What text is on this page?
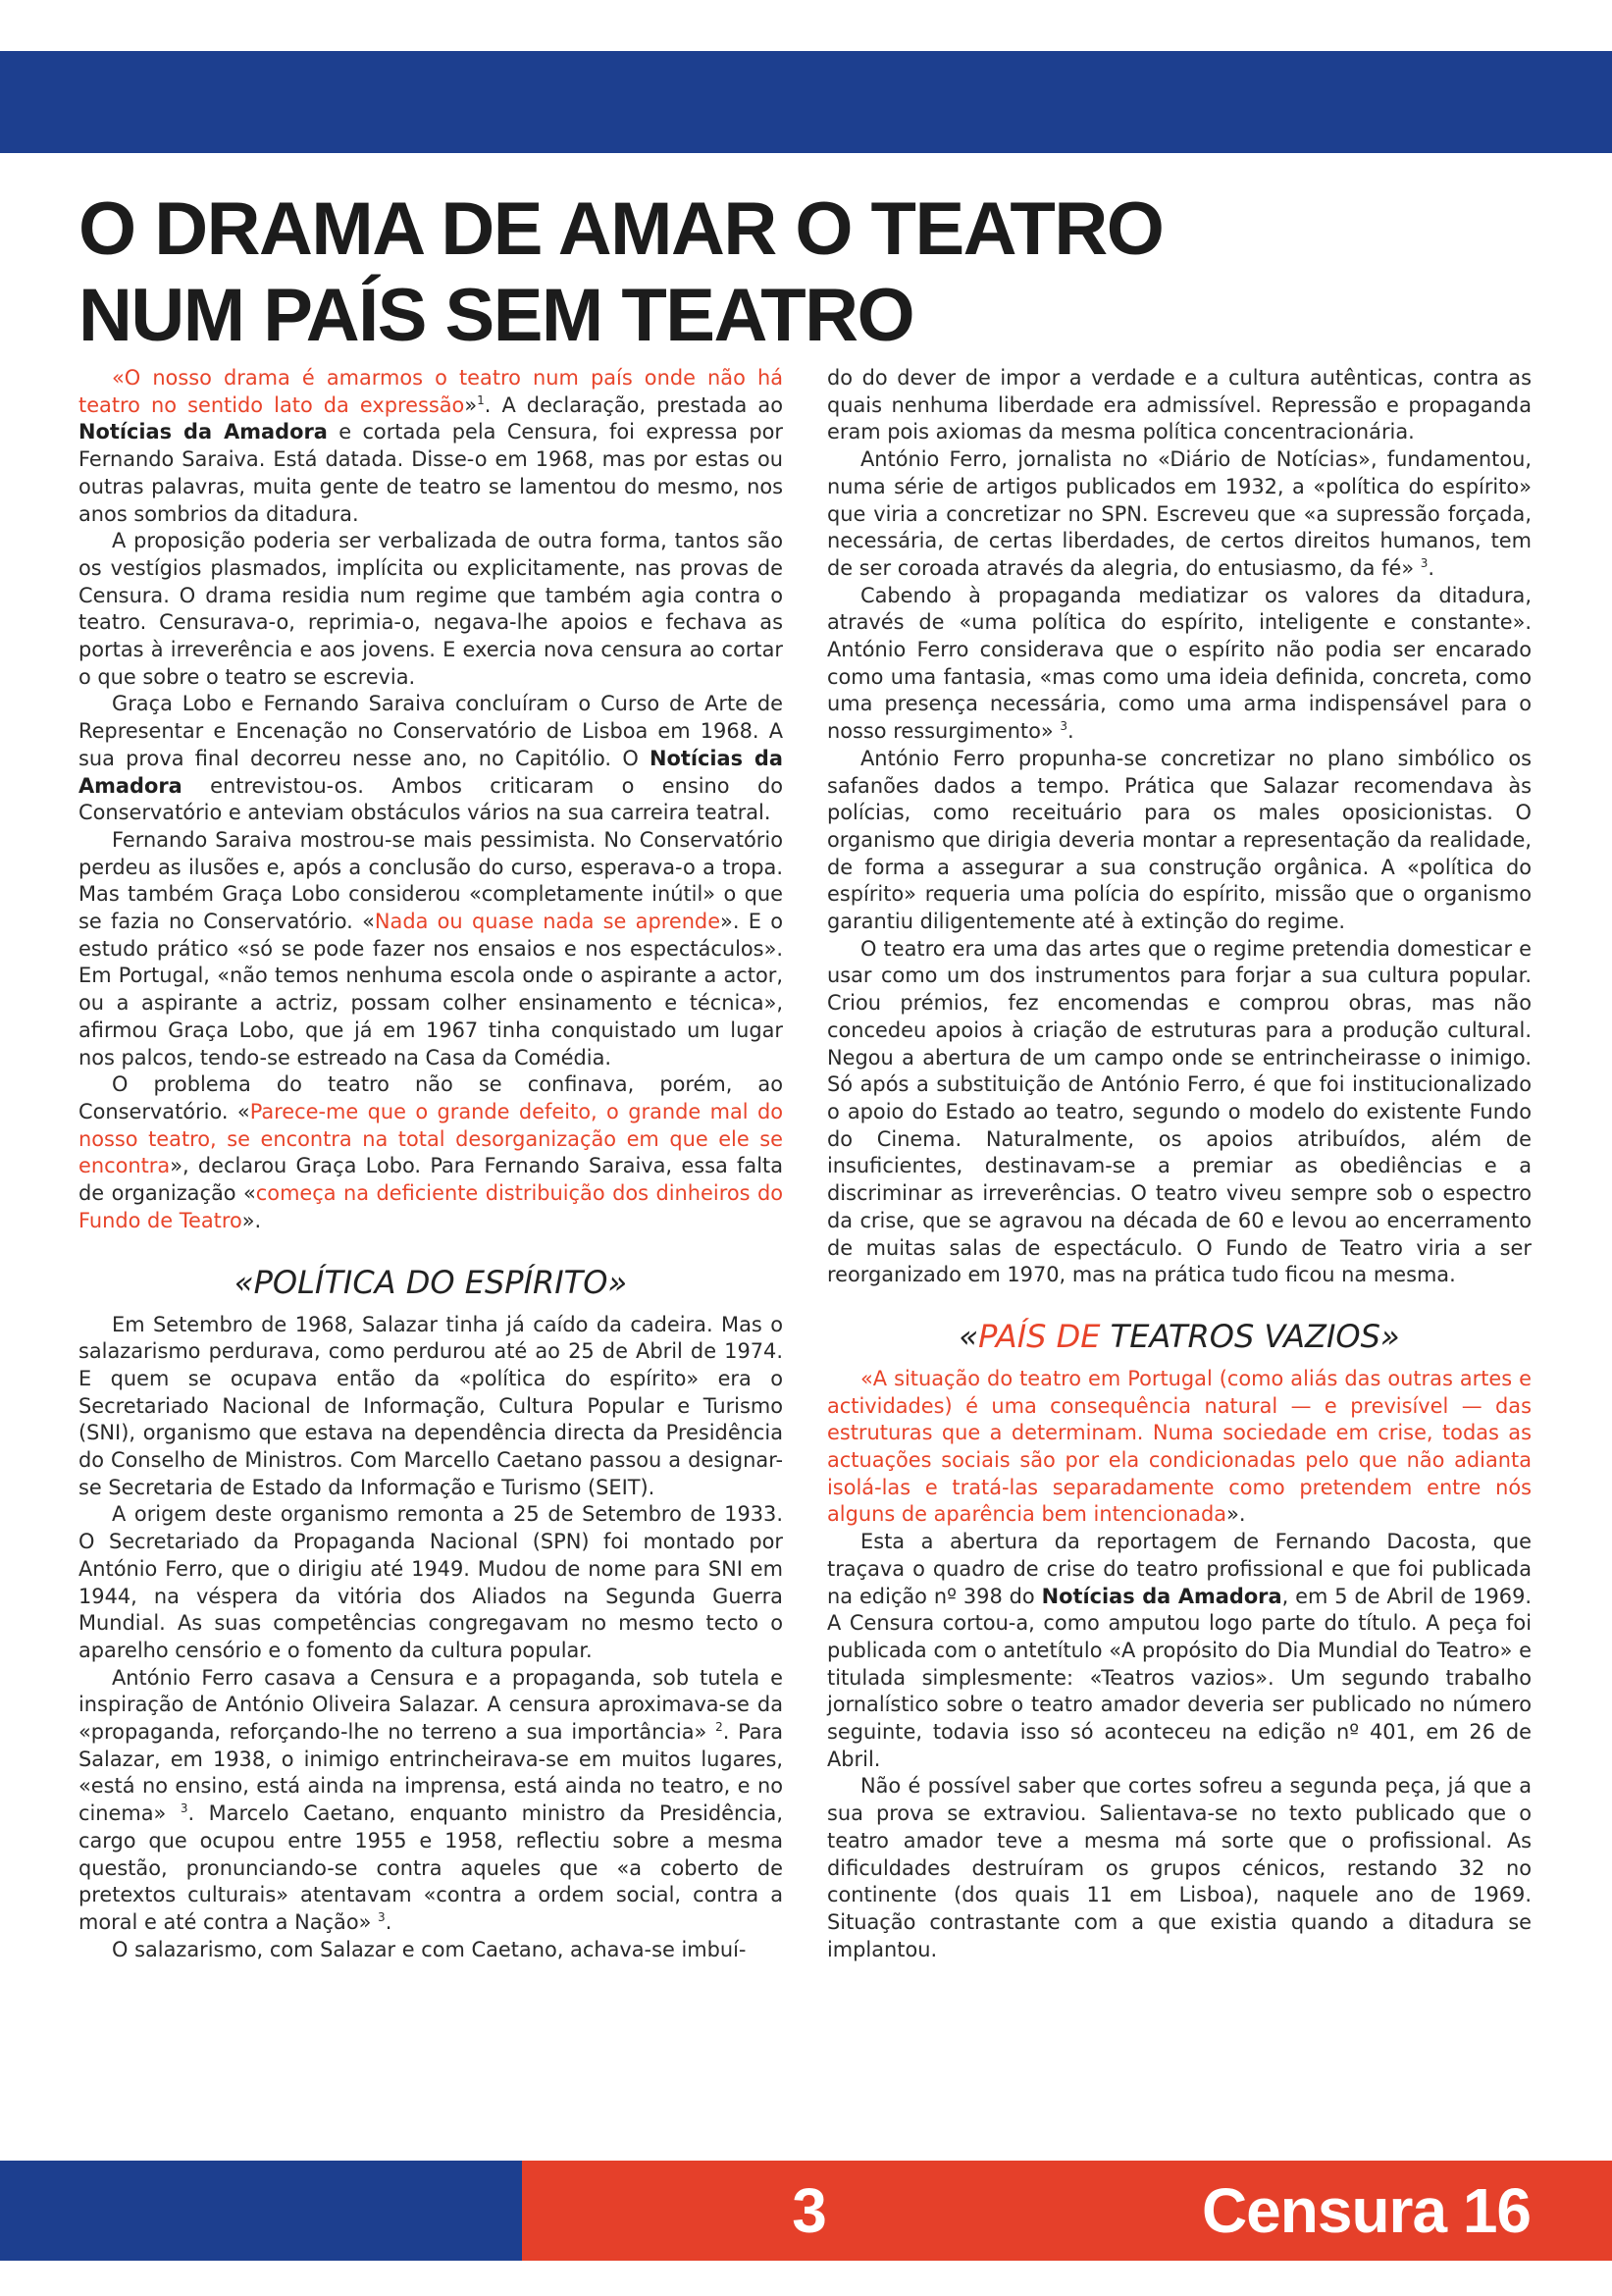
O DRAMA DE AMAR O TEATRO
NUM PAÍS SEM TEATRO

«O nosso drama é amarmos o teatro num país onde não há teatro no sentido lato da expressão»$^1$. A declaração, prestada ao Notícias da Amadora e cortada pela Censura, foi expressa por Fernando Saraiva. Está datada. Disse-o em 1968, mas por estas ou outras palavras, muita gente de teatro se lamentou do mesmo, nos anos sombrios da ditadura.

A proposição poderia ser verbalizada de outra forma, tantos são os vestígios plasmados, implícita ou explicitamente, nas provas de Censura. O drama residia num regime que também agia contra o teatro. Censurava-o, reprimia-o, negava-lhe apoios e fechava as portas à irreverência e aos jovens. E exercia nova censura ao cortar o que sobre o teatro se escrevia.

Graça Lobo e Fernando Saraiva concluíram o Curso de Arte de Representar e Encenação no Conservatório de Lisboa em 1968. A sua prova final decorreu nesse ano, no Capitólio. O Notícias da Amadora entrevistou-os. Ambos criticaram o ensino do Conservatório e anteviam obstáculos vários na sua carreira teatral.

Fernando Saraiva mostrou-se mais pessimista. No Conservatório perdeu as ilusões e, após a conclusão do curso, esperava-o a tropa. Mas também Graça Lobo considerou «completamente inútil» o que se fazia no Conservatório. «Nada ou quase nada se aprende». E o estudo prático «só se pode fazer nos ensaios e nos espectáculos». Em Portugal, «não temos nenhuma escola onde o aspirante a actor, ou a aspirante a actriz, possam colher ensinamento e técnica», afirmou Graça Lobo, que já em 1967 tinha conquistado um lugar nos palcos, tendo-se estreado na Casa da Comédia.

O problema do teatro não se confinava, porém, ao Conservatório. «Parece-me que o grande defeito, o grande mal do nosso teatro, se encontra na total desorganização em que ele se encontra», declarou Graça Lobo. Para Fernando Saraiva, essa falta de organização «começa na deficiente distribuição dos dinheiros do Fundo de Teatro».

«POLÍTICA DO ESPÍRITO»

Em Setembro de 1968, Salazar tinha já caído da cadeira. Mas o salazarismo perdurava, como perdurou até ao 25 de Abril de 1974. E quem se ocupava então da «política do espírito» era o Secretariado Nacional de Informação, Cultura Popular e Turismo (SNI), organismo que estava na dependência directa da Presidência do Conselho de Ministros. Com Marcello Caetano passou a designar-se Secretaria de Estado da Informação e Turismo (SEIT).

A origem deste organismo remonta a 25 de Setembro de 1933. O Secretariado da Propaganda Nacional (SPN) foi montado por António Ferro, que o dirigiu até 1949. Mudou de nome para SNI em 1944, na véspera da vitória dos Aliados na Segunda Guerra Mundial. As suas competências congregavam no mesmo tecto o aparelho censório e o fomento da cultura popular.

António Ferro casava a Censura e a propaganda, sob tutela e inspiração de António Oliveira Salazar. A censura aproximava-se da «propaganda, reforçando-lhe no terreno a sua importância» $^2$. Para Salazar, em 1938, o inimigo entrincheirava-se em muitos lugares, «está no ensino, está ainda na imprensa, está ainda no teatro, e no cinema» $^3$. Marcelo Caetano, enquanto ministro da Presidência, cargo que ocupou entre 1955 e 1958, reflectiu sobre a mesma questão, pronunciando-se contra aqueles que «a coberto de pretextos culturais» atentavam «contra a ordem social, contra a moral e até contra a Nação» $^3$.

O salazarismo, com Salazar e com Caetano, achava-se imbuí-

do do dever de impor a verdade e a cultura autênticas, contra as quais nenhuma liberdade era admissível. Repressão e propaganda eram pois axiomas da mesma política concentracionária.

António Ferro, jornalista no «Diário de Notícias», fundamentou, numa série de artigos publicados em 1932, a «política do espírito» que viria a concretizar no SPN. Escreveu que «a supressão forçada, necessária, de certas liberdades, de certos direitos humanos, tem de ser coroada através da alegria, do entusiasmo, da fé» $^3$.

Cabendo à propaganda mediatizar os valores da ditadura, através de «uma política do espírito, inteligente e constante». António Ferro considerava que o espírito não podia ser encarado como uma fantasia, «mas como uma ideia definida, concreta, como uma presença necessária, como uma arma indispensável para o nosso ressurgimento» $^3$.

António Ferro propunha-se concretizar no plano simbólico os safanões dados a tempo. Prática que Salazar recomendava às polícias, como receituário para os males oposicionistas. O organismo que dirigia deveria montar a representação da realidade, de forma a assegurar a sua construção orgânica. A «política do espírito» requeria uma polícia do espírito, missão que o organismo garantiu diligentemente até à extinção do regime.

O teatro era uma das artes que o regime pretendia domesticar e usar como um dos instrumentos para forjar a sua cultura popular. Criou prémios, fez encomendas e comprou obras, mas não concedeu apoios à criação de estruturas para a produção cultural. Negou a abertura de um campo onde se entrincheirasse o inimigo. Só após a substituição de António Ferro, é que foi institucionalizado o apoio do Estado ao teatro, segundo o modelo do existente Fundo do Cinema. Naturalmente, os apoios atribuídos, além de insuficientes, destinavam-se a premiar as obediências e a discriminar as irreverências. O teatro viveu sempre sob o espectro da crise, que se agravou na década de 60 e levou ao encerramento de muitas salas de espectáculo. O Fundo de Teatro viria a ser reorganizado em 1970, mas na prática tudo ficou na mesma.

«PAÍS DE TEATROS VAZIOS»

«A situação do teatro em Portugal (como aliás das outras artes e actividades) é uma consequência natural — e previsível — das estruturas que a determinam. Numa sociedade em crise, todas as actuações sociais são por ela condicionadas pelo que não adianta isolá-las e tratá-las separadamente como pretendem entre nós alguns de aparência bem intencionada».

Esta a abertura da reportagem de Fernando Dacosta, que traçava o quadro de crise do teatro profissional e que foi publicada na edição nº 398 do Notícias da Amadora, em 5 de Abril de 1969. A Censura cortou-a, como amputou logo parte do título. A peça foi publicada com o antetítulo «A propósito do Dia Mundial do Teatro» e titulada simplesmente: «Teatros vazios». Um segundo trabalho jornalístico sobre o teatro amador deveria ser publicado no número seguinte, todavia isso só aconteceu na edição nº 401, em 26 de Abril.

Não é possível saber que cortes sofreu a segunda peça, já que a sua prova se extraviou. Salientava-se no texto publicado que o teatro amador teve a mesma má sorte que o profissional. As dificuldades destruíram os grupos cénicos, restando 32 no continente (dos quais 11 em Lisboa), naquele ano de 1969. Situação contrastante com a que existia quando a ditadura se implantou.

3	Censura 16
